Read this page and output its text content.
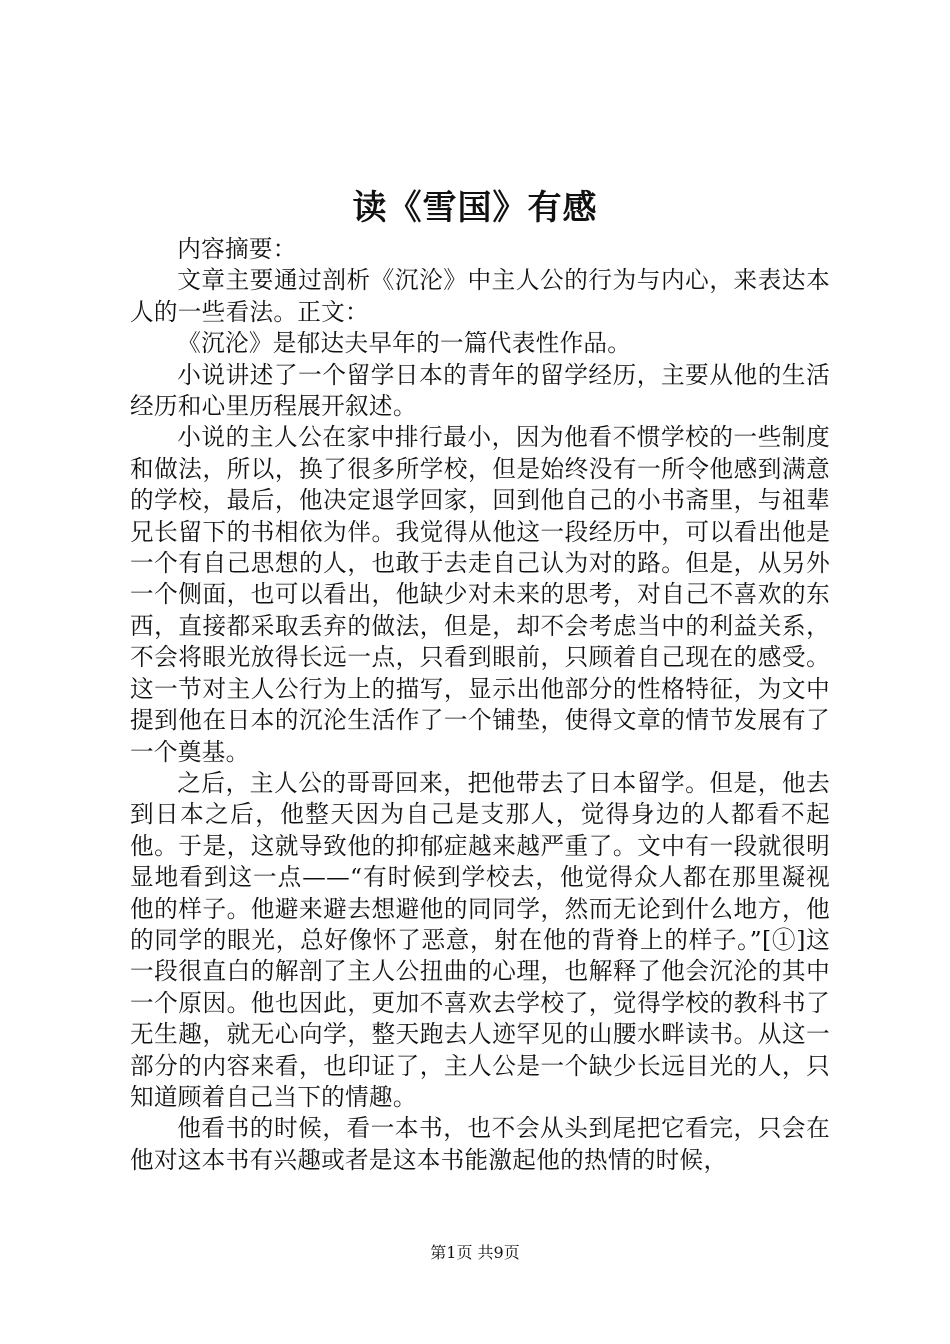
读《雪国》有感

内容摘要：

文章主要通过剖析《沉沦》中主人公的行为与内心，来表达本人的一些看法。正文：

《沉沦》是郁达夫早年的一篇代表性作品。

小说讲述了一个留学日本的青年的留学经历，主要从他的生活经历和心里历程展开叙述。

小说的主人公在家中排行最小，因为他看不惯学校的一些制度和做法，所以，换了很多所学校，但是始终没有一所令他感到满意的学校，最后，他决定退学回家，回到他自己的小书斋里，与祖辈兄长留下的书相依为伴。我觉得从他这一段经历中，可以看出他是一个有自己思想的人，也敢于去走自己认为对的路。但是，从另外一个侧面，也可以看出，他缺少对未来的思考，对自己不喜欢的东西，直接都采取丢弃的做法，但是，却不会考虑当中的利益关系，不会将眼光放得长远一点，只看到眼前，只顾着自己现在的感受。这一节对主人公行为上的描写，显示出他部分的性格特征，为文中提到他在日本的沉沦生活作了一个铺垫，使得文章的情节发展有了一个奠基。

之后，主人公的哥哥回来，把他带去了日本留学。但是，他去到日本之后，他整天因为自己是支那人，觉得身边的人都看不起他。于是，这就导致他的抑郁症越来越严重了。文中有一段就很明显地看到这一点——“有时候到学校去，他觉得众人都在那里凝视他的样子。他避来避去想避他的同同学，然而无论到什么地方，他的同学的眼光，总好像怀了恶意，射在他的背脊上的样子。”[①]这一段很直白的解剖了主人公扭曲的心理，也解释了他会沉沦的其中一个原因。他也因此，更加不喜欢去学校了，觉得学校的教科书了无生趣，就无心向学，整天跑去人迹罕见的山腰水畔读书。从这一部分的内容来看，也印证了，主人公是一个缺少长远目光的人，只知道顾着自己当下的情趣。

他看书的时候，看一本书，也不会从头到尾把它看完，只会在他对这本书有兴趣或者是这本书能激起他的热情的时候，

第1页 共9页
